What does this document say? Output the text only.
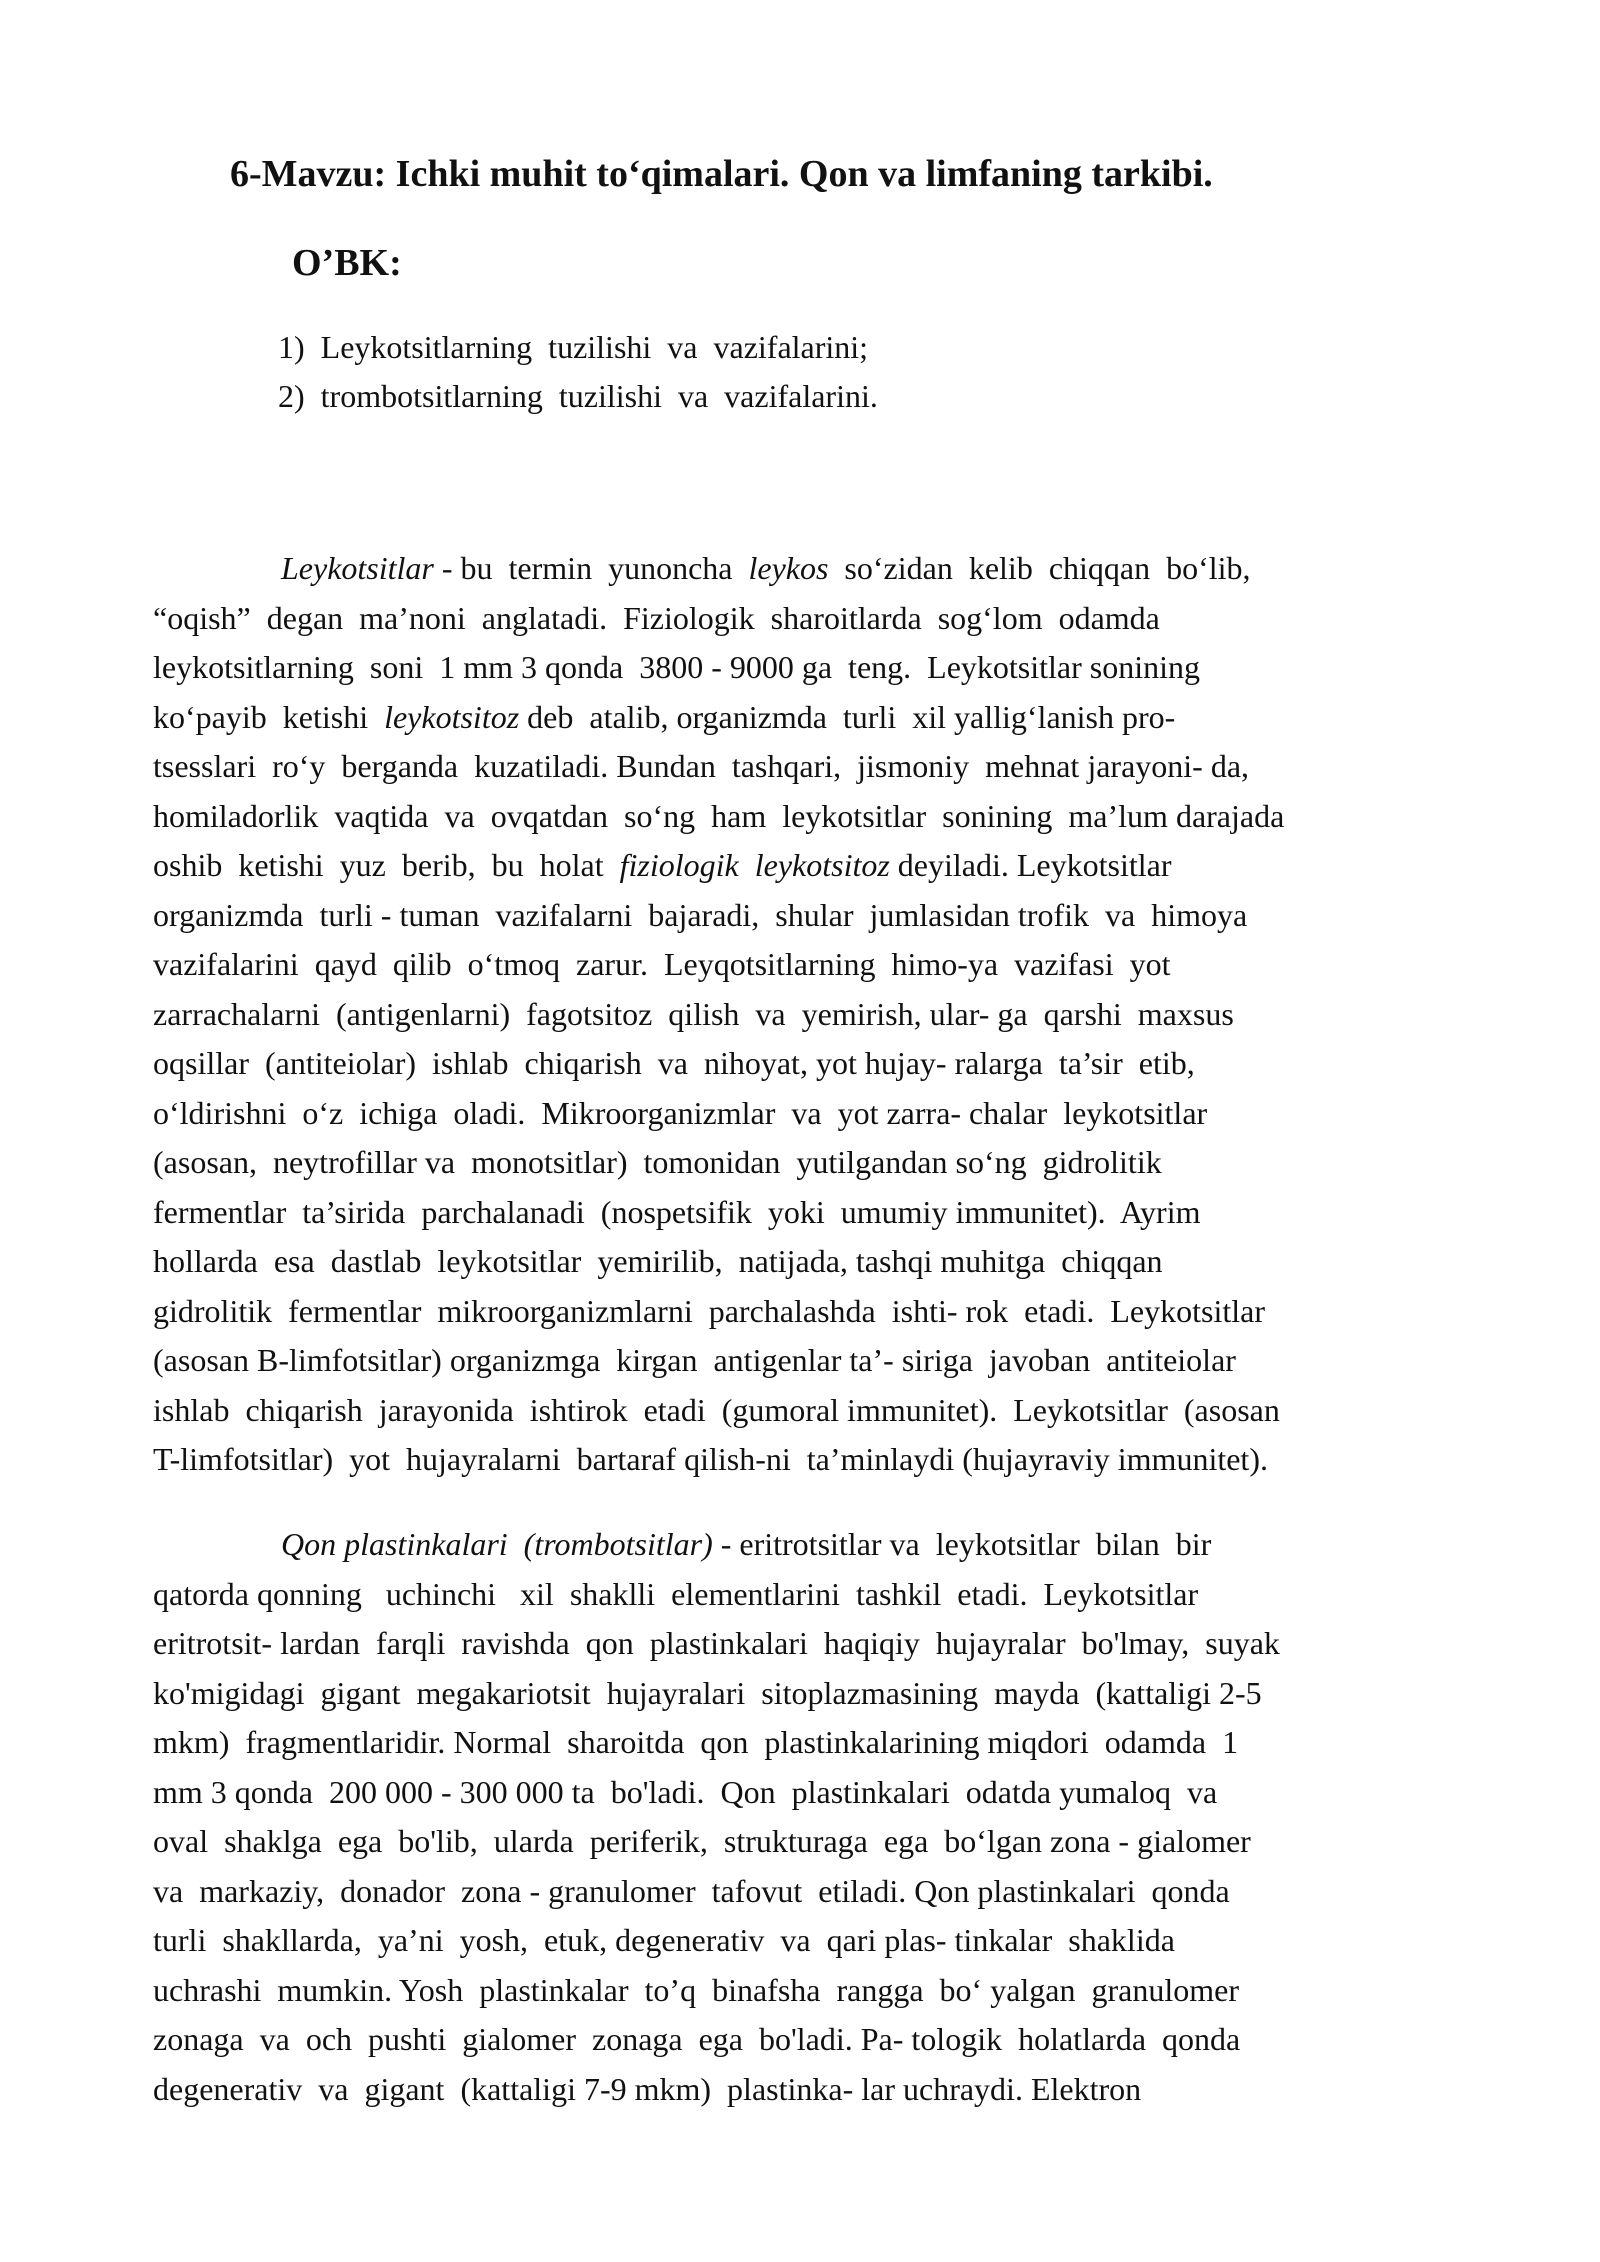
6-Mavzu: Ichki muhit to‘qimalari. Qon va limfaning tarkibi.
O’BK:
1)  Leykotsitlarning  tuzilishi  va  vazifalarini;
2)  trombotsitlarning  tuzilishi  va  vazifalarini.
Leykotsitlar - bu  termin  yunoncha  leykos  so‘zidan  kelib  chiqqan  bo‘lib,
“oqish”  degan  ma’noni  anglatadi.  Fiziologik  sharoitlarda  sog‘lom  odamda
leykotsitlarning  soni  1 mm 3 qonda  3800 - 9000 ga  teng.  Leykotsitlar sonining
ko‘payib  ketishi  leykotsitoz deb  atalib, organizmda  turli  xil yallig‘lanish pro-
tsesslari  ro‘y  berganda  kuzatiladi. Bundan  tashqari,  jismoniy  mehnat jarayoni- da,
homiladorlik  vaqtida  va  ovqatdan  so‘ng  ham  leykotsitlar  sonining  ma’lum darajada
oshib  ketishi  yuz  berib,  bu  holat  fiziologik  leykotsitoz deyiladi. Leykotsitlar
organizmda  turli - tuman  vazifalarni  bajaradi,  shular  jumlasidan trofik  va  himoya
vazifalarini  qayd  qilib  o‘tmoq  zarur.  Leyqotsitlarning  himo-ya  vazifasi  yot
zarrachalarni  (antigenlarni)  fagotsitoz  qilish  va  yemirish, ular- ga  qarshi  maxsus
oqsillar  (antiteiolar)  ishlab  chiqarish  va  nihoyat, yot hujay- ralarga  ta’sir  etib,
o‘ldirishni  o‘z  ichiga  oladi.  Mikroorganizmlar  va  yot zarra- chalar  leykotsitlar
(asosan,  neytrofillar va  monotsitlar)  tomonidan  yutilgandan so‘ng  gidrolitik
fermentlar  ta’sirida  parchalanadi  (nospetsifik  yoki  umumiy immunitet).  Ayrim
hollarda  esa  dastlab  leykotsitlar  yemirilib,  natijada, tashqi muhitga  chiqqan
gidrolitik  fermentlar  mikroorganizmlarni  parchalashda  ishti- rok  etadi.  Leykotsitlar
(asosan B-limfotsitlar) organizmga  kirgan  antigenlar ta’- siriga  javoban  antiteiolar
ishlab  chiqarish  jarayonida  ishtirok  etadi  (gumoral immunitet).  Leykotsitlar  (asosan
T-limfotsitlar)  yot  hujayralarni  bartaraf qilish-ni  ta’minlaydi (hujayraviy immunitet).
Qon plastinkalari  (trombotsitlar) - eritrotsitlar va  leykotsitlar  bilan  bir
qatorda qonning   uchinchi   xil  shaklli  elementlarini  tashkil  etadi.  Leykotsitlar
eritrotsit- lardan  farqli  ravishda  qon  plastinkalari  haqiqiy  hujayralar  bo'lmay,  suyak
ko'migidagi  gigant  megakariotsit  hujayralari  sitoplazmasining  mayda  (kattaligi 2-5
mkm)  fragmentlaridir. Normal  sharoitda  qon  plastinkalarining miqdori  odamda  1
mm 3 qonda  200 000 - 300 000 ta  bo'ladi.  Qon  plastinkalari  odatda yumaloq  va
oval  shaklga  ega  bo'lib,  ularda  periferik,  strukturaga  ega  bo‘lgan zona - gialomer
va  markaziy,  donador  zona - granulomer  tafovut  etiladi. Qon plastinkalari  qonda
turli  shakllarda,  ya’ni  yosh,  etuk, degenerativ  va  qari plas- tinkalar  shaklida
uchrashi  mumkin. Yosh  plastinkalar  to’q  binafsha  rangga  bo‘ yalgan  granulomer
zonaga  va  och  pushti  gialomer  zonaga  ega  bo'ladi. Pa- tologik  holatlarda  qonda
degenerativ  va  gigant  (kattaligi 7-9 mkm)  plastinka- lar uchraydi. Elektron
